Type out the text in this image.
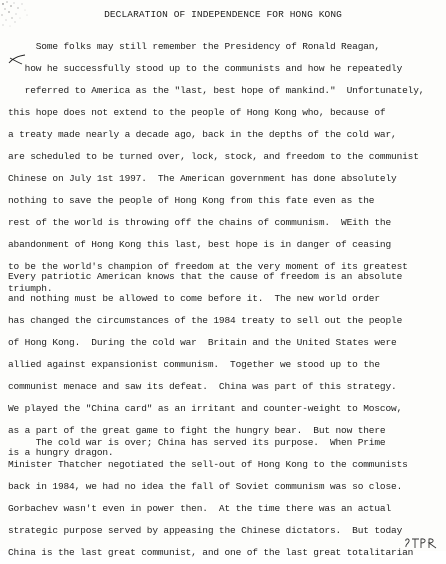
DECLARATION OF INDEPENDENCE FOR HONG KONG

Some folks may still remember the Presidency of Ronald Reagan,
how he successfully stood up to the communists and how he repeatedly
referred to America as the "last, best hope of mankind."  Unfortunately,
this hope does not extend to the people of Hong Kong who, because of
a treaty made nearly a decade ago, back in the depths of the cold war,
are scheduled to be turned over, lock, stock, and freedom to the communist
Chinese on July 1st 1997.  The American government has done absolutely
nothing to save the people of Hong Kong from this fate even as the
rest of the world is throwing off the chains of communism.  WEith the
abandonment of Hong Kong this last, best hope is in danger of ceasing
to be the world's champion of freedom at the very moment of its greatest
triumph.

Every patriotic American knows that the cause of freedom is an absolute
and nothing must be allowed to come before it.  The new world order
has changed the circumstances of the 1984 treaty to sell out the people
of Hong Kong.  During the cold war  Britain and the United States were
allied against expansionist communism.  Together we stood up to the
communist menace and saw its defeat.  China was part of this strategy.
We played the "China card" as an irritant and counter-weight to Moscow,
as a part of the great game to fight the hungry bear.  But now there
is a hungry dragon.

The cold war is over; China has served its purpose.  When Prime
Minister Thatcher negotiated the sell-out of Hong Kong to the communists
back in 1984, we had no idea the fall of Soviet communism was so close.
Gorbachev wasn't even in power then.  At the time there was an actual
strategic purpose served by appeasing the Chinese dictators.  But today
China is the last great communist, and one of the last great totalitarian
